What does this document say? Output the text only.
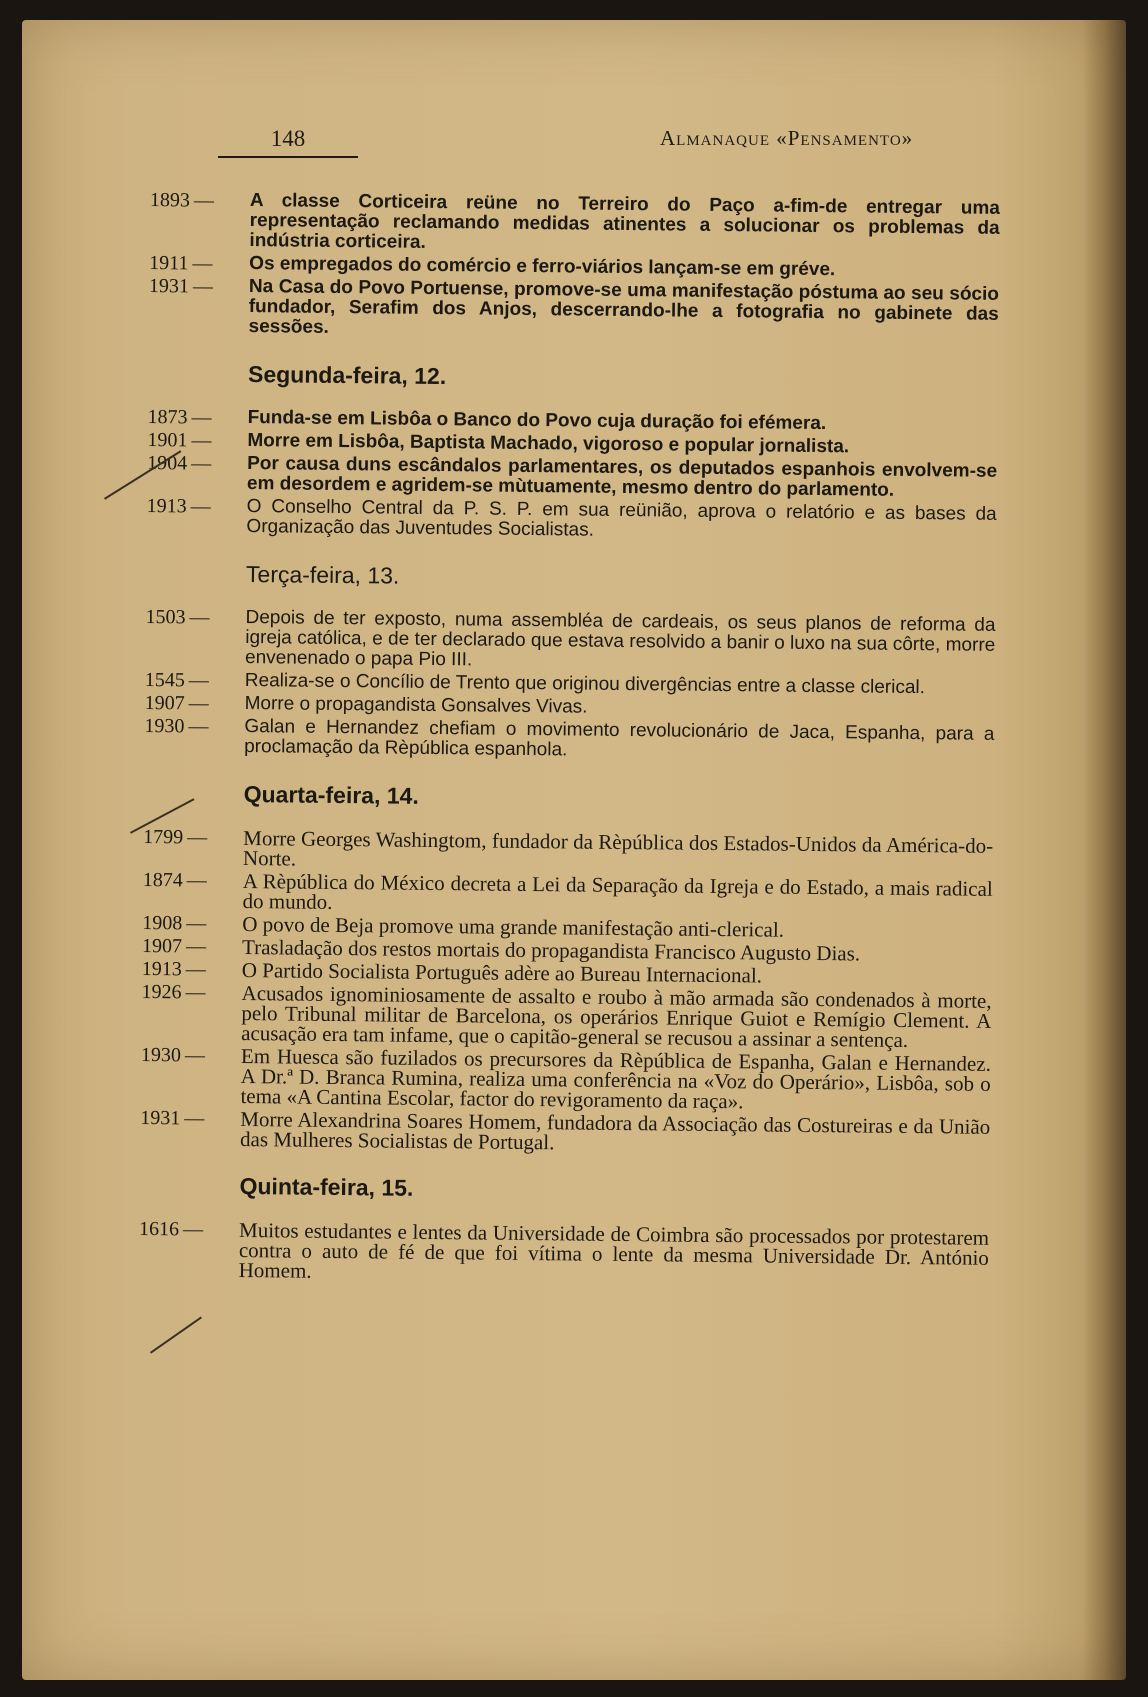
148	Almanaque «Pensamento»
1893 —	A classe Corticeira reüne no Terreiro do Paço a-fim-de entregar uma representação reclamando medidas atinentes a solucionar os problemas da indústria corticeira.
1911 —	Os empregados do comércio e ferro-viários lançam-se em gréve.
1931 —	Na Casa do Povo Portuense, promove-se uma manifestação póstuma ao seu sócio fundador, Serafim dos Anjos, descerrando-lhe a fotografia no gabinete das sessões.
Segunda-feira, 12.
1873 —	Funda-se em Lisbôa o Banco do Povo cuja duração foi efémera.
1901 —	Morre em Lisbôa, Baptista Machado, vigoroso e popular jornalista.
1904 —	Por causa duns escândalos parlamentares, os deputados espanhois envolvem-se em desordem e agridem-se mùtuamente, mesmo dentro do parlamento.
1913 —	O Conselho Central da P. S. P. em sua reünião, aprova o relatório e as bases da Organização das Juventudes Socialistas.
Terça-feira, 13.
1503 —	Depois de ter exposto, numa assembléa de cardeais, os seus planos de reforma da igreja católica, e de ter declarado que estava resolvido a banir o luxo na sua côrte, morre envenenado o papa Pio III.
1545 —	Realiza-se o Concílio de Trento que originou divergências entre a classe clerical.
1907 —	Morre o propagandista Gonsalves Vivas.
1930 —	Galan e Hernandez chefiam o movimento revolucionário de Jaca, Espanha, para a proclamação da Rèpública espanhola.
Quarta-feira, 14.
1799 —	Morre Georges Washingtom, fundador da Rèpública dos Estados-Unidos da América-do-Norte.
1874 —	A Rèpública do México decreta a Lei da Separação da Igreja e do Estado, a mais radical do mundo.
1908 —	O povo de Beja promove uma grande manifestação anti-clerical.
1907 —	Trasladação dos restos mortais do propagandista Francisco Augusto Dias.
1913 —	O Partido Socialista Português adère ao Bureau Internacional.
1926 —	Acusados ignominiosamente de assalto e roubo à mão armada são condenados à morte, pelo Tribunal militar de Barcelona, os operários Enrique Guiot e Remígio Clement. A acusação era tam infame, que o capitão-general se recusou a assinar a sentença.
1930 —	Em Huesca são fuzilados os precursores da Rèpública de Espanha, Galan e Hernandez. A Dr.ª D. Branca Rumina, realiza uma conferência na «Voz do Operário», Lisbôa, sob o tema «A Cantina Escolar, factor do revigoramento da raça».
1931 —	Morre Alexandrina Soares Homem, fundadora da Associação das Costureiras e da União das Mulheres Socialistas de Portugal.
Quinta-feira, 15.
1616 —	Muitos estudantes e lentes da Universidade de Coimbra são processados por protestarem contra o auto de fé de que foi vítima o lente da mesma Universidade Dr. António Homem.
